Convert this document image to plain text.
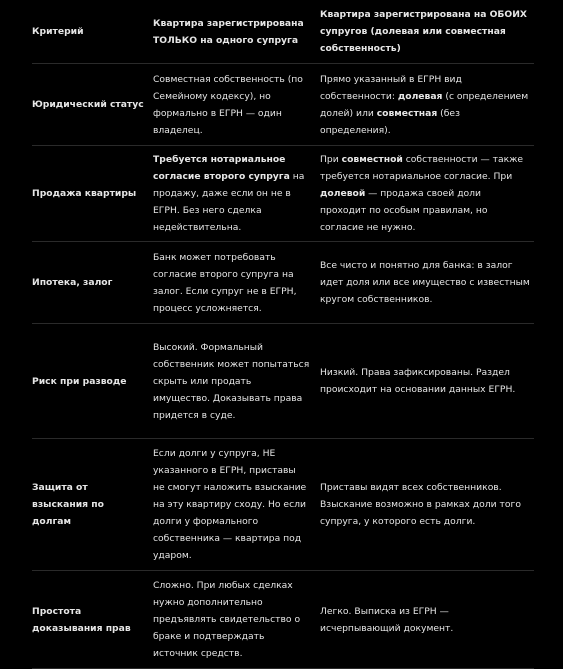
Критерий
Квартира зарегистрирована ТОЛЬКО на одного супруга
Квартира зарегистрирована на ОБОИХ супругов (долевая или совместная собственность)
Юридический статус
Совместная собственность (по Семейному кодексу), но формально в ЕГРН — один владелец.
Прямо указанный в ЕГРН вид собственности: долевая (с определением долей) или совместная (без определения).
Продажа квартиры
Требуется нотариальное согласие второго супруга на продажу, даже если он не в ЕГРН. Без него сделка недействительна.
При совместной собственности — также требуется нотариальное согласие. При долевой — продажа своей доли проходит по особым правилам, но согласие не нужно.
Ипотека, залог
Банк может потребовать согласие второго супруга на залог. Если супруг не в ЕГРН, процесс усложняется.
Все чисто и понятно для банка: в залог идет доля или все имущество с известным кругом собственников.
Риск при разводе
Высокий. Формальный собственник может попытаться скрыть или продать имущество. Доказывать права придется в суде.
Низкий. Права зафиксированы. Раздел происходит на основании данных ЕГРН.
Защита от взыскания по долгам
Если долги у супруга, НЕ указанного в ЕГРН, приставы не смогут наложить взыскание на эту квартиру сходу. Но если долги у формального собственника — квартира под ударом.
Приставы видят всех собственников. Взыскание возможно в рамках доли того супруга, у которого есть долги.
Простота доказывания прав
Сложно. При любых сделках нужно дополнительно предъявлять свидетельство о браке и подтверждать источник средств.
Легко. Выписка из ЕГРН — исчерпывающий документ.
